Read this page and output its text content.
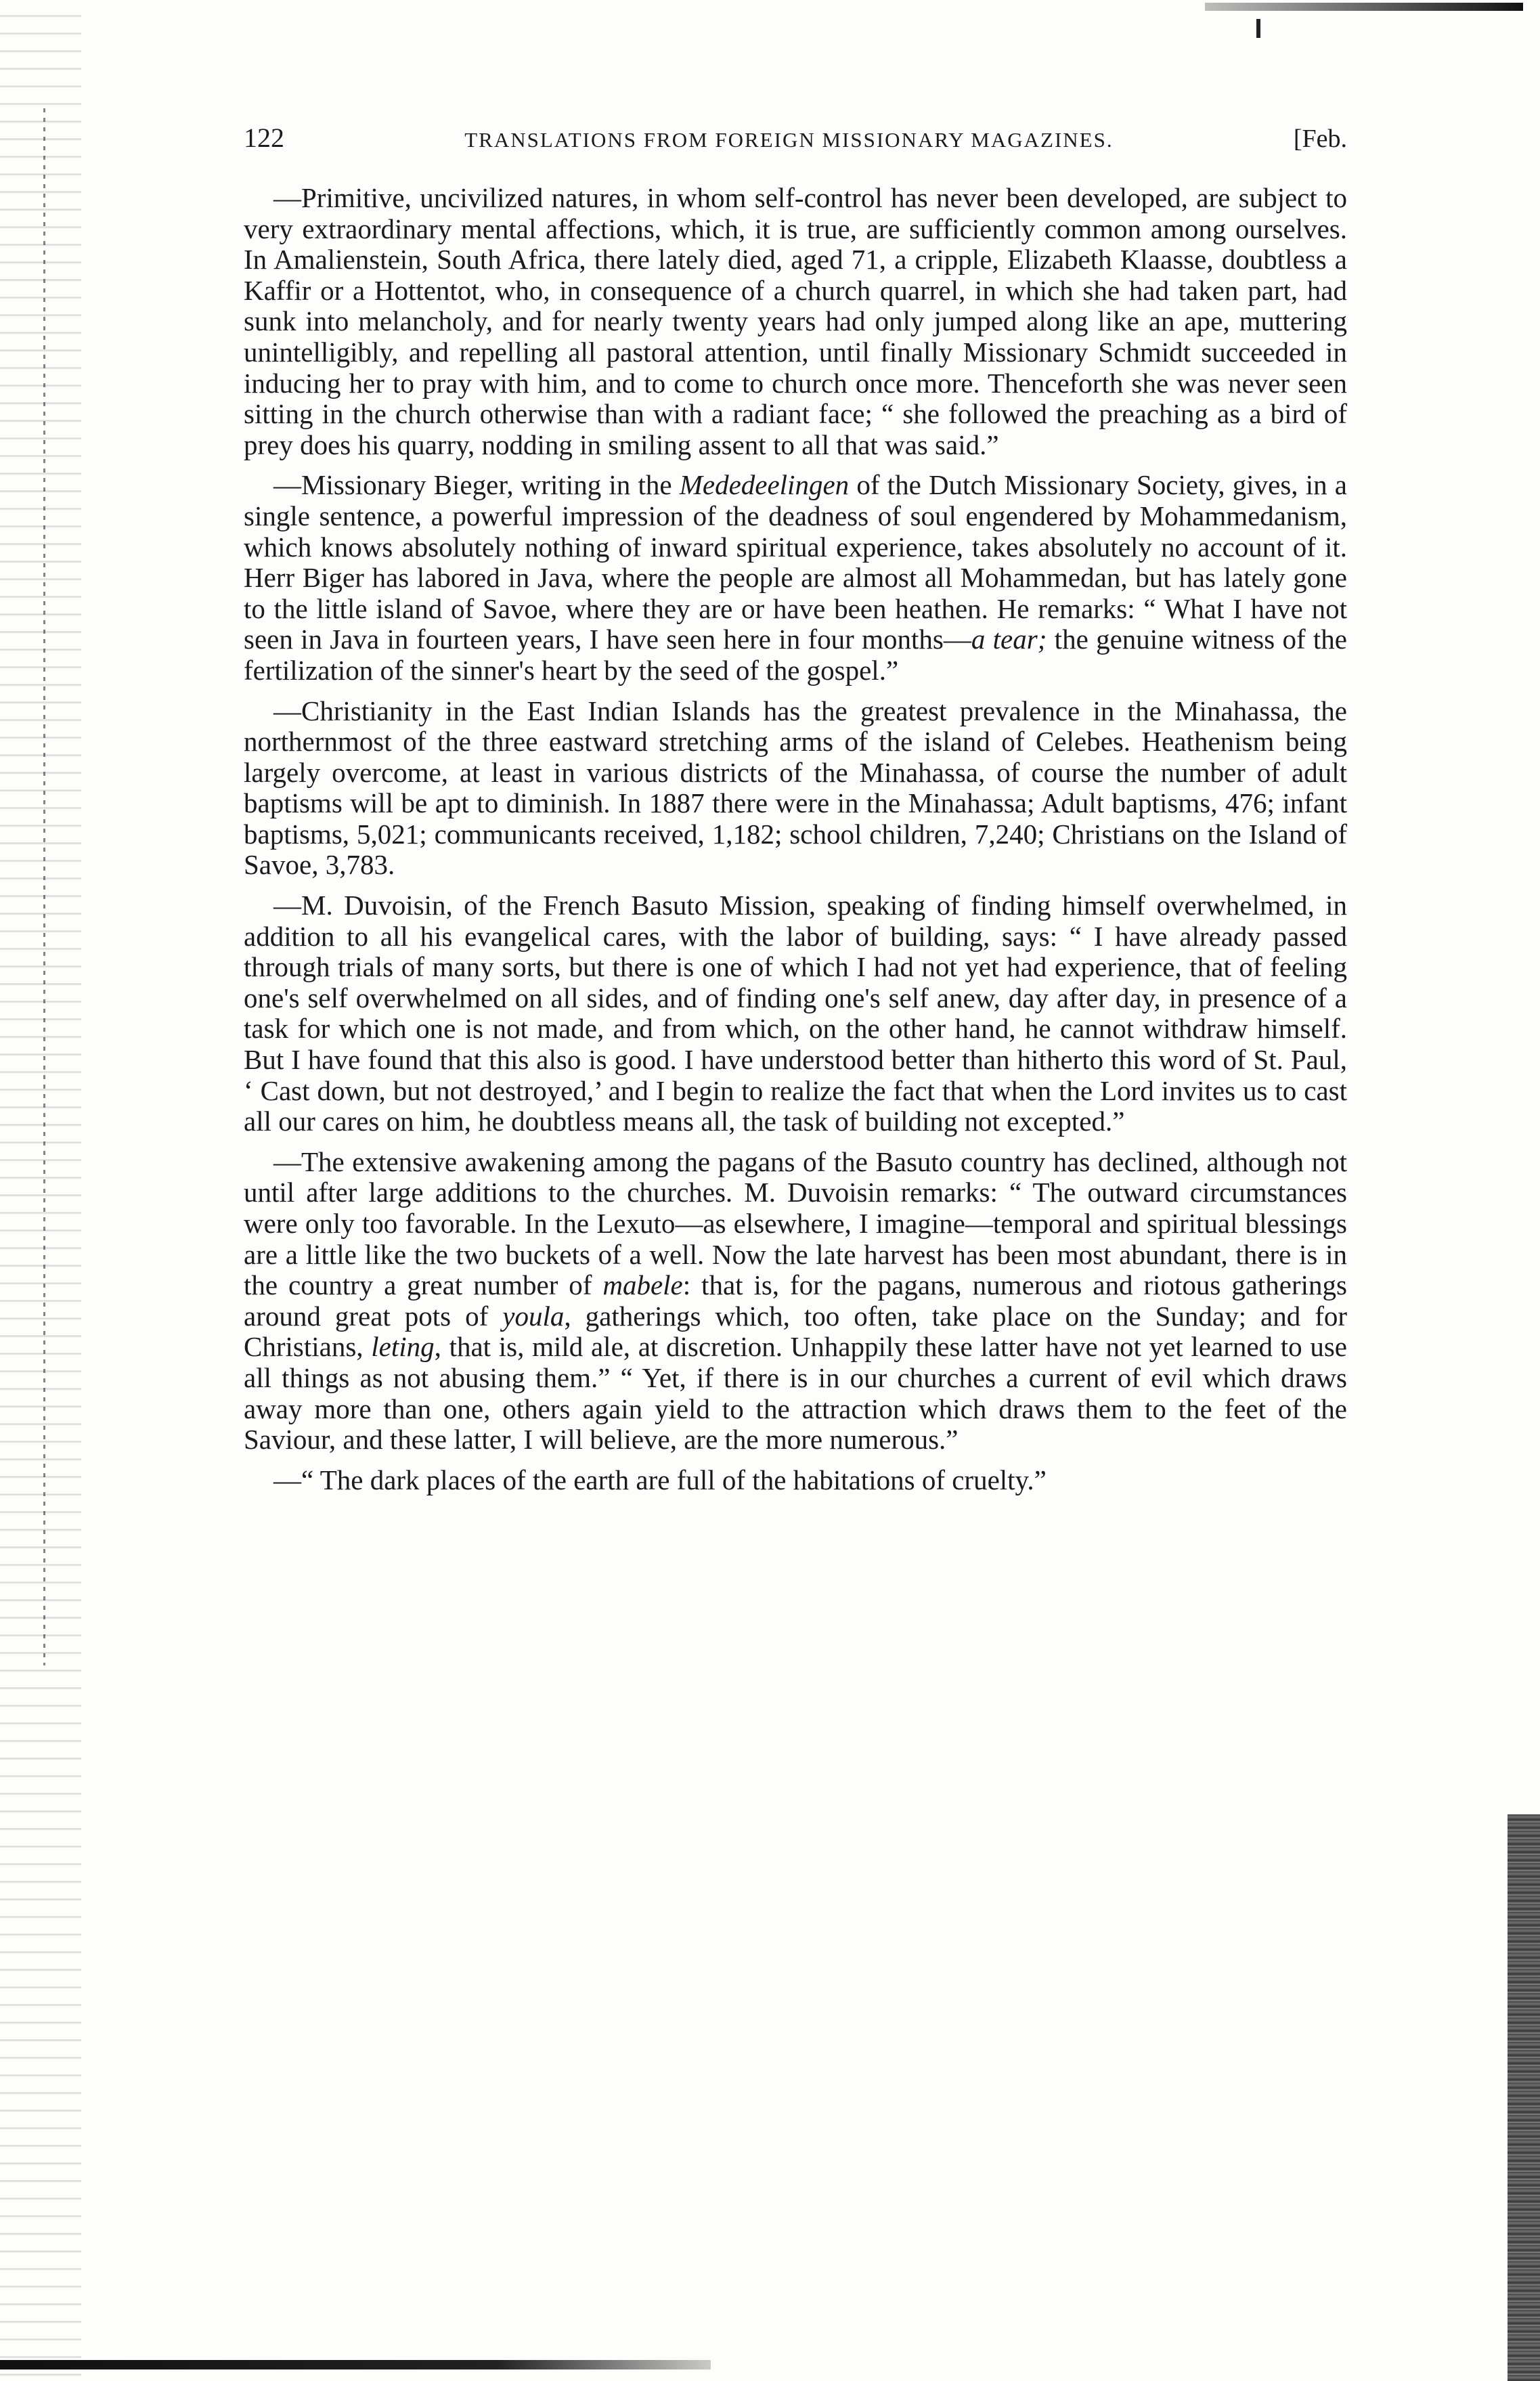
122	TRANSLATIONS FROM FOREIGN MISSIONARY MAGAZINES.	[Feb.

—Primitive, uncivilized natures, in whom self-control has never been developed, are subject to very extraordinary mental affections, which, it is true, are sufficiently common among ourselves. In Amalienstein, South Africa, there lately died, aged 71, a cripple, Elizabeth Klaasse, doubtless a Kaffir or a Hottentot, who, in consequence of a church quarrel, in which she had taken part, had sunk into melancholy, and for nearly twenty years had only jumped along like an ape, muttering unintelligibly, and repelling all pastoral attention, until finally Missionary Schmidt succeeded in inducing her to pray with him, and to come to church once more. Thenceforth she was never seen sitting in the church otherwise than with a radiant face; “ she followed the preaching as a bird of prey does his quarry, nodding in smiling assent to all that was said.”

—Missionary Bieger, writing in the Mededeelingen of the Dutch Missionary Society, gives, in a single sentence, a powerful impression of the deadness of soul engendered by Mohammedanism, which knows absolutely nothing of inward spiritual experience, takes absolutely no account of it. Herr Biger has labored in Java, where the people are almost all Mohammedan, but has lately gone to the little island of Savoe, where they are or have been heathen. He remarks: “ What I have not seen in Java in fourteen years, I have seen here in four months—a tear; the genuine witness of the fertilization of the sinner's heart by the seed of the gospel.”

—Christianity in the East Indian Islands has the greatest prevalence in the Minahassa, the northernmost of the three eastward stretching arms of the island of Celebes. Heathenism being largely overcome, at least in various districts of the Minahassa, of course the number of adult baptisms will be apt to diminish. In 1887 there were in the Minahassa; Adult baptisms, 476; infant baptisms, 5,021; communicants received, 1,182; school children, 7,240; Christians on the Island of Savoe, 3,783.

—M. Duvoisin, of the French Basuto Mission, speaking of finding himself overwhelmed, in addition to all his evangelical cares, with the labor of building, says: “ I have already passed through trials of many sorts, but there is one of which I had not yet had experience, that of feeling one's self overwhelmed on all sides, and of finding one's self anew, day after day, in presence of a task for which one is not made, and from which, on the other hand, he cannot withdraw himself. But I have found that this also is good. I have understood better than hitherto this word of St. Paul, ‘ Cast down, but not destroyed,’ and I begin to realize the fact that when the Lord invites us to cast all our cares on him, he doubtless means all, the task of building not excepted.”

—The extensive awakening among the pagans of the Basuto country has declined, although not until after large additions to the churches. M. Duvoisin remarks: “ The outward circumstances were only too favorable. In the Lexuto—as elsewhere, I imagine—temporal and spiritual blessings are a little like the two buckets of a well. Now the late harvest has been most abundant, there is in the country a great number of mabele: that is, for the pagans, numerous and riotous gatherings around great pots of youla, gatherings which, too often, take place on the Sunday; and for Christians, leting, that is, mild ale, at discretion. Unhappily these latter have not yet learned to use all things as not abusing them.” “ Yet, if there is in our churches a current of evil which draws away more than one, others again yield to the attraction which draws them to the feet of the Saviour, and these latter, I will believe, are the more numerous.”

—“ The dark places of the earth are full of the habitations of cruelty.”
